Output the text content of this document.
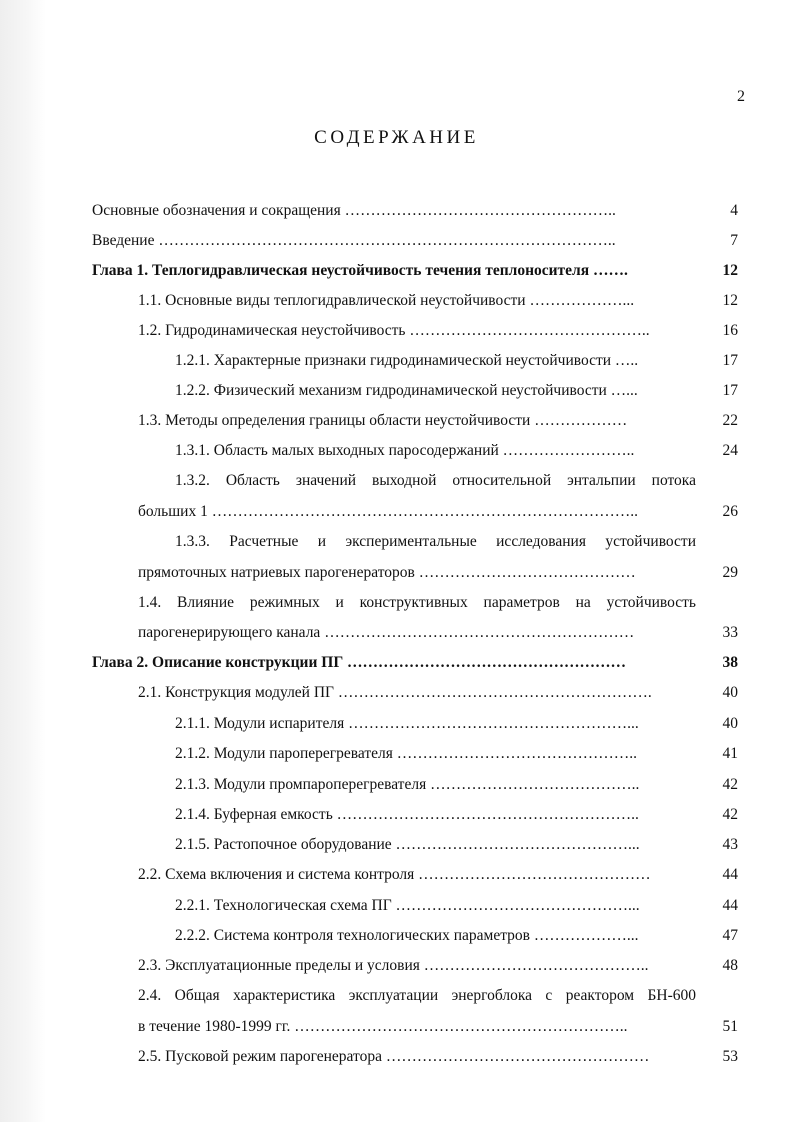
2
СОДЕРЖАНИЕ
Основные обозначения и сокращения ……………………………………………..	4
Введение ……………………………………………………………………………..	7
Глава 1. Теплогидравлическая неустойчивость течения теплоносителя …….	12
1.1. Основные виды теплогидравлической неустойчивости ………………...	12
1.2. Гидродинамическая неустойчивость ………………………………………..	16
1.2.1. Характерные признаки гидродинамической неустойчивости …..	17
1.2.2. Физический механизм гидродинамической неустойчивости …...	17
1.3. Методы определения границы области неустойчивости ………………	22
1.3.1. Область малых выходных паросодержаний ……………………..	24
1.3.2. Область значений выходной относительной энтальпии потока
больших 1 ………………………………………………………………………..	26
1.3.3. Расчетные и экспериментальные исследования устойчивости
прямоточных натриевых парогенераторов ……………………………………	29
1.4. Влияние режимных и конструктивных параметров на устойчивость
парогенерирующего канала ……………………………………………………	33
Глава 2. Описание конструкции ПГ ………………………………………………	38
2.1. Конструкция модулей ПГ …………………………………………………….	40
2.1.1. Модули испарителя ………………………………………………...	40
2.1.2. Модули пароперегревателя ………………………………………..	41
2.1.3. Модули промпароперегревателя …………………………………..	42
2.1.4. Буферная емкость …………………………………………………..	42
2.1.5. Растопочное оборудование ………………………………………...	43
2.2. Схема включения и система контроля ………………………………………	44
2.2.1. Технологическая схема ПГ ………………………………………...	44
2.2.2. Система контроля технологических параметров ………………...	47
2.3. Эксплуатационные пределы и условия ……………………………………..	48
2.4. Общая характеристика эксплуатации энергоблока с реактором БН-600
в течение 1980-1999 гг. ………………………………………………………..	51
2.5. Пусковой режим парогенератора ……………………………………………	53
